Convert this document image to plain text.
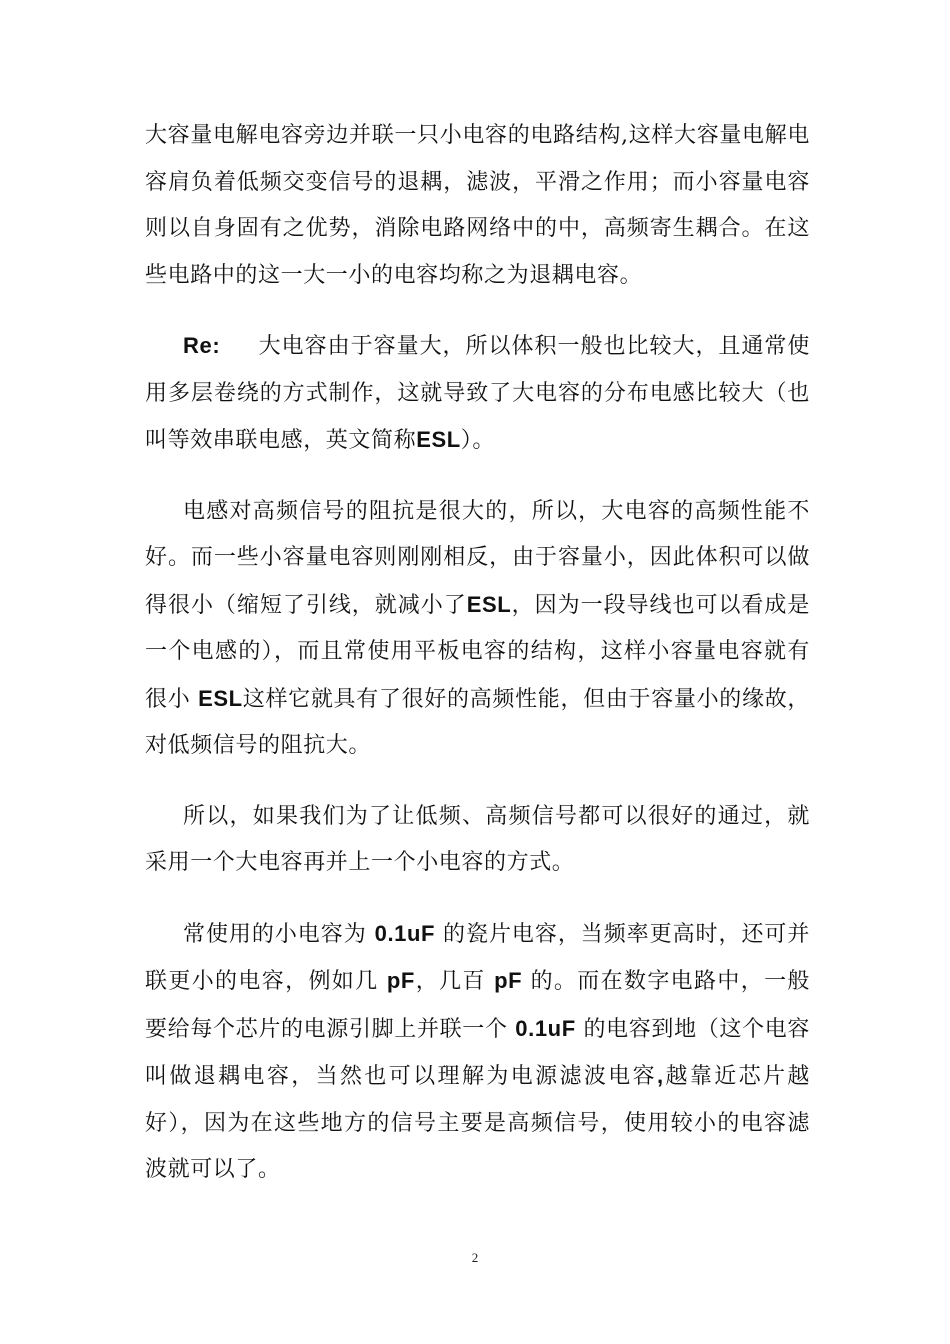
大容量电解电容旁边并联一只小电容的电路结构,这样大容量电解电容肩负着低频交变信号的退耦，滤波，平滑之作用；而小容量电容则以自身固有之优势，消除电路网络中的中，高频寄生耦合。在这些电路中的这一大一小的电容均称之为退耦电容。

Re: 大电容由于容量大，所以体积一般也比较大，且通常使用多层卷绕的方式制作，这就导致了大电容的分布电感比较大（也叫等效串联电感，英文简称ESL）。

电感对高频信号的阻抗是很大的，所以，大电容的高频性能不好。而一些小容量电容则刚刚相反，由于容量小，因此体积可以做得很小（缩短了引线，就减小了ESL，因为一段导线也可以看成是一个电感的），而且常使用平板电容的结构，这样小容量电容就有很小 ESL这样它就具有了很好的高频性能，但由于容量小的缘故，对低频信号的阻抗大。

所以，如果我们为了让低频、高频信号都可以很好的通过，就采用一个大电容再并上一个小电容的方式。

常使用的小电容为 0.1uF 的瓷片电容，当频率更高时，还可并联更小的电容，例如几 pF，几百 pF 的。而在数字电路中，一般要给每个芯片的电源引脚上并联一个 0.1uF 的电容到地（这个电容叫做退耦电容，当然也可以理解为电源滤波电容,越靠近芯片越好），因为在这些地方的信号主要是高频信号，使用较小的电容滤波就可以了。

2
